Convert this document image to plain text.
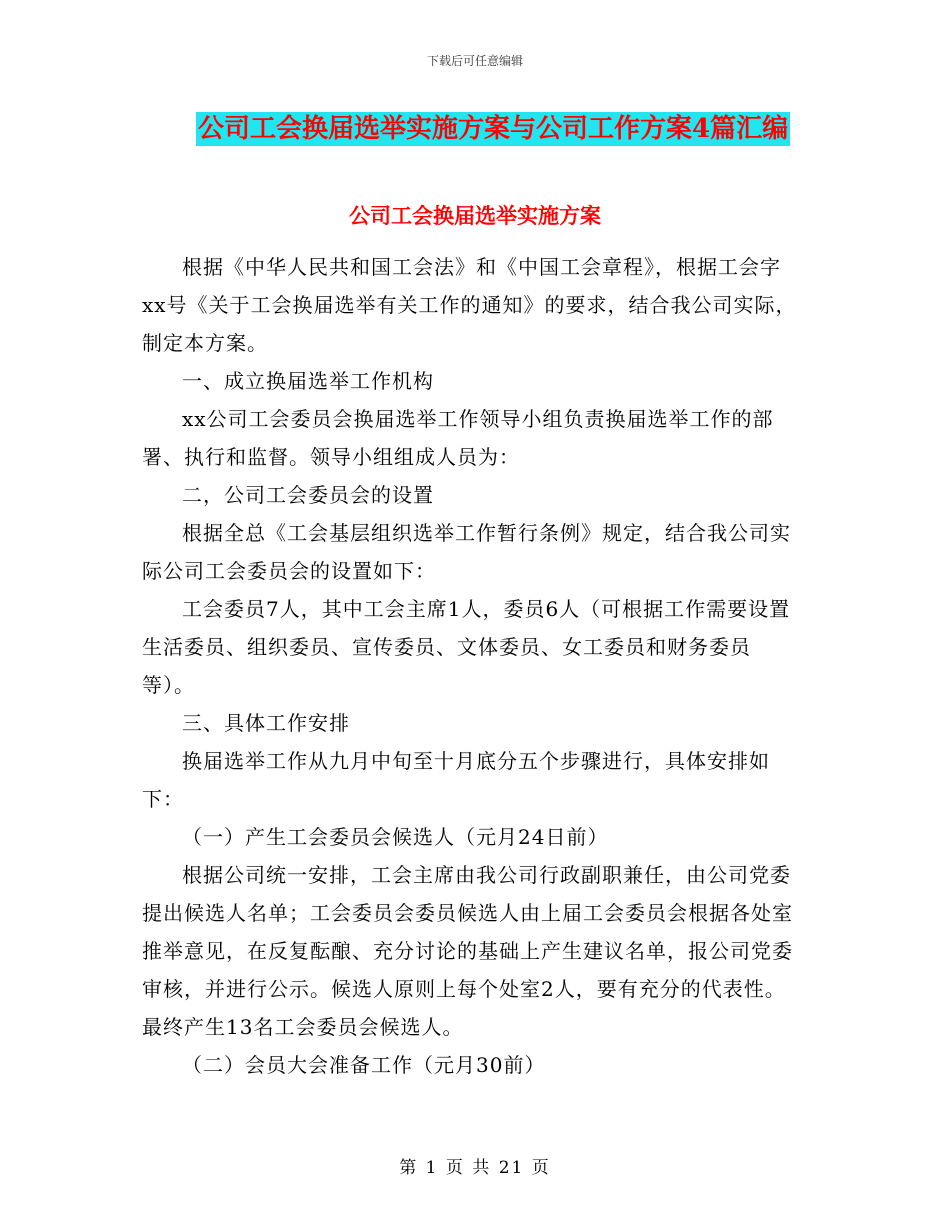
下载后可任意编辑
公司工会换届选举实施方案与公司工作方案4篇汇编
公司工会换届选举实施方案

根据《中华人民共和国工会法》和《中国工会章程》，根据工会字xx号《关于工会换届选举有关工作的通知》的要求，结合我公司实际，制定本方案。

一、成立换届选举工作机构

xx公司工会委员会换届选举工作领导小组负责换届选举工作的部署、执行和监督。领导小组组成人员为：

二，公司工会委员会的设置

根据全总《工会基层组织选举工作暂行条例》规定，结合我公司实际公司工会委员会的设置如下：

工会委员7人，其中工会主席1人，委员6人（可根据工作需要设置生活委员、组织委员、宣传委员、文体委员、女工委员和财务委员等）。

三、具体工作安排

换届选举工作从九月中旬至十月底分五个步骤进行，具体安排如下：

（一）产生工会委员会候选人（元月24日前）

根据公司统一安排，工会主席由我公司行政副职兼任，由公司党委提出候选人名单；工会委员会委员候选人由上届工会委员会根据各处室推举意见，在反复酝酿、充分讨论的基础上产生建议名单，报公司党委审核，并进行公示。候选人原则上每个处室2人，要有充分的代表性。最终产生13名工会委员会候选人。

（二）会员大会准备工作（元月30前）

第 1 页 共 21 页
